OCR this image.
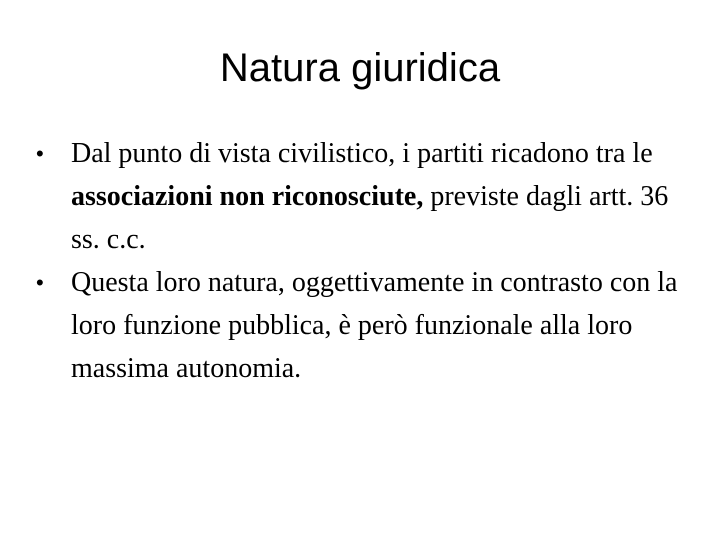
Natura giuridica
• Dal punto di vista civilistico, i partiti ricadono tra le associazioni non riconosciute, previste dagli artt. 36 ss. c.c.
• Questa loro natura, oggettivamente in contrasto con la loro funzione pubblica, è però funzionale alla loro massima autonomia.
